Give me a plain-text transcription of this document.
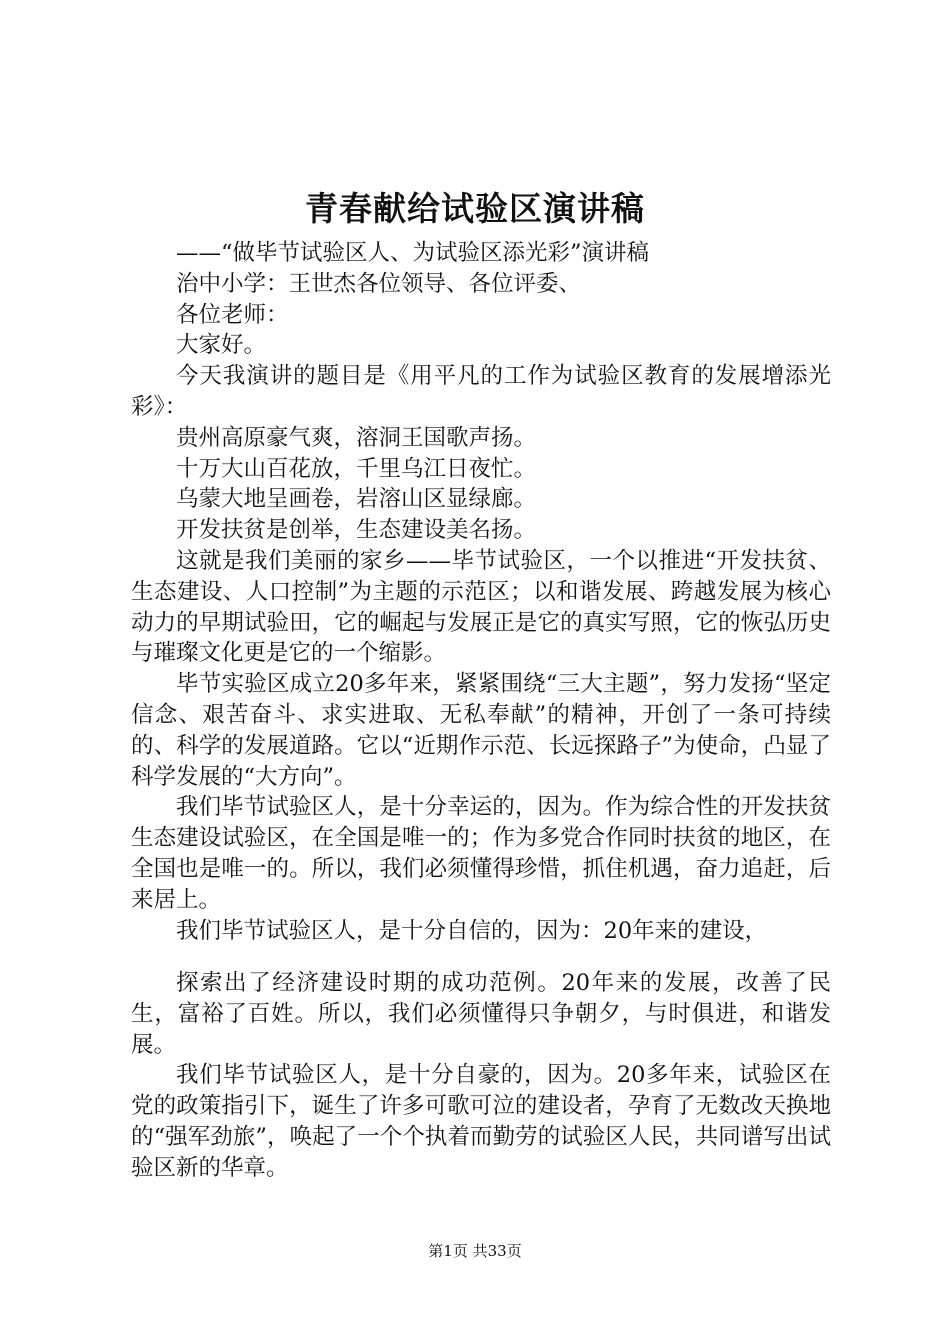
青春献给试验区演讲稿

——“做毕节试验区人、为试验区添光彩”演讲稿

治中小学：王世杰各位领导、各位评委、

各位老师：

大家好。

今天我演讲的题目是《用平凡的工作为试验区教育的发展增添光彩》：

贵州高原豪气爽，溶洞王国歌声扬。

十万大山百花放，千里乌江日夜忙。

乌蒙大地呈画卷，岩溶山区显绿廊。

开发扶贫是创举，生态建设美名扬。

这就是我们美丽的家乡——毕节试验区，一个以推进“开发扶贫、生态建设、人口控制”为主题的示范区；以和谐发展、跨越发展为核心动力的早期试验田，它的崛起与发展正是它的真实写照，它的恢弘历史与璀璨文化更是它的一个缩影。

毕节实验区成立20多年来，紧紧围绕“三大主题”，努力发扬“坚定信念、艰苦奋斗、求实进取、无私奉献”的精神，开创了一条可持续的、科学的发展道路。它以“近期作示范、长远探路子”为使命，凸显了科学发展的“大方向”。

我们毕节试验区人，是十分幸运的，因为。作为综合性的开发扶贫生态建设试验区，在全国是唯一的；作为多党合作同时扶贫的地区，在全国也是唯一的。所以，我们必须懂得珍惜，抓住机遇，奋力追赶，后来居上。

我们毕节试验区人，是十分自信的，因为：20年来的建设，

探索出了经济建设时期的成功范例。20年来的发展，改善了民生，富裕了百姓。所以，我们必须懂得只争朝夕，与时俱进，和谐发展。

我们毕节试验区人，是十分自豪的，因为。20多年来，试验区在党的政策指引下，诞生了许多可歌可泣的建设者，孕育了无数改天换地的“强军劲旅”，唤起了一个个执着而勤劳的试验区人民，共同谱写出试验区新的华章。

第1页 共33页
